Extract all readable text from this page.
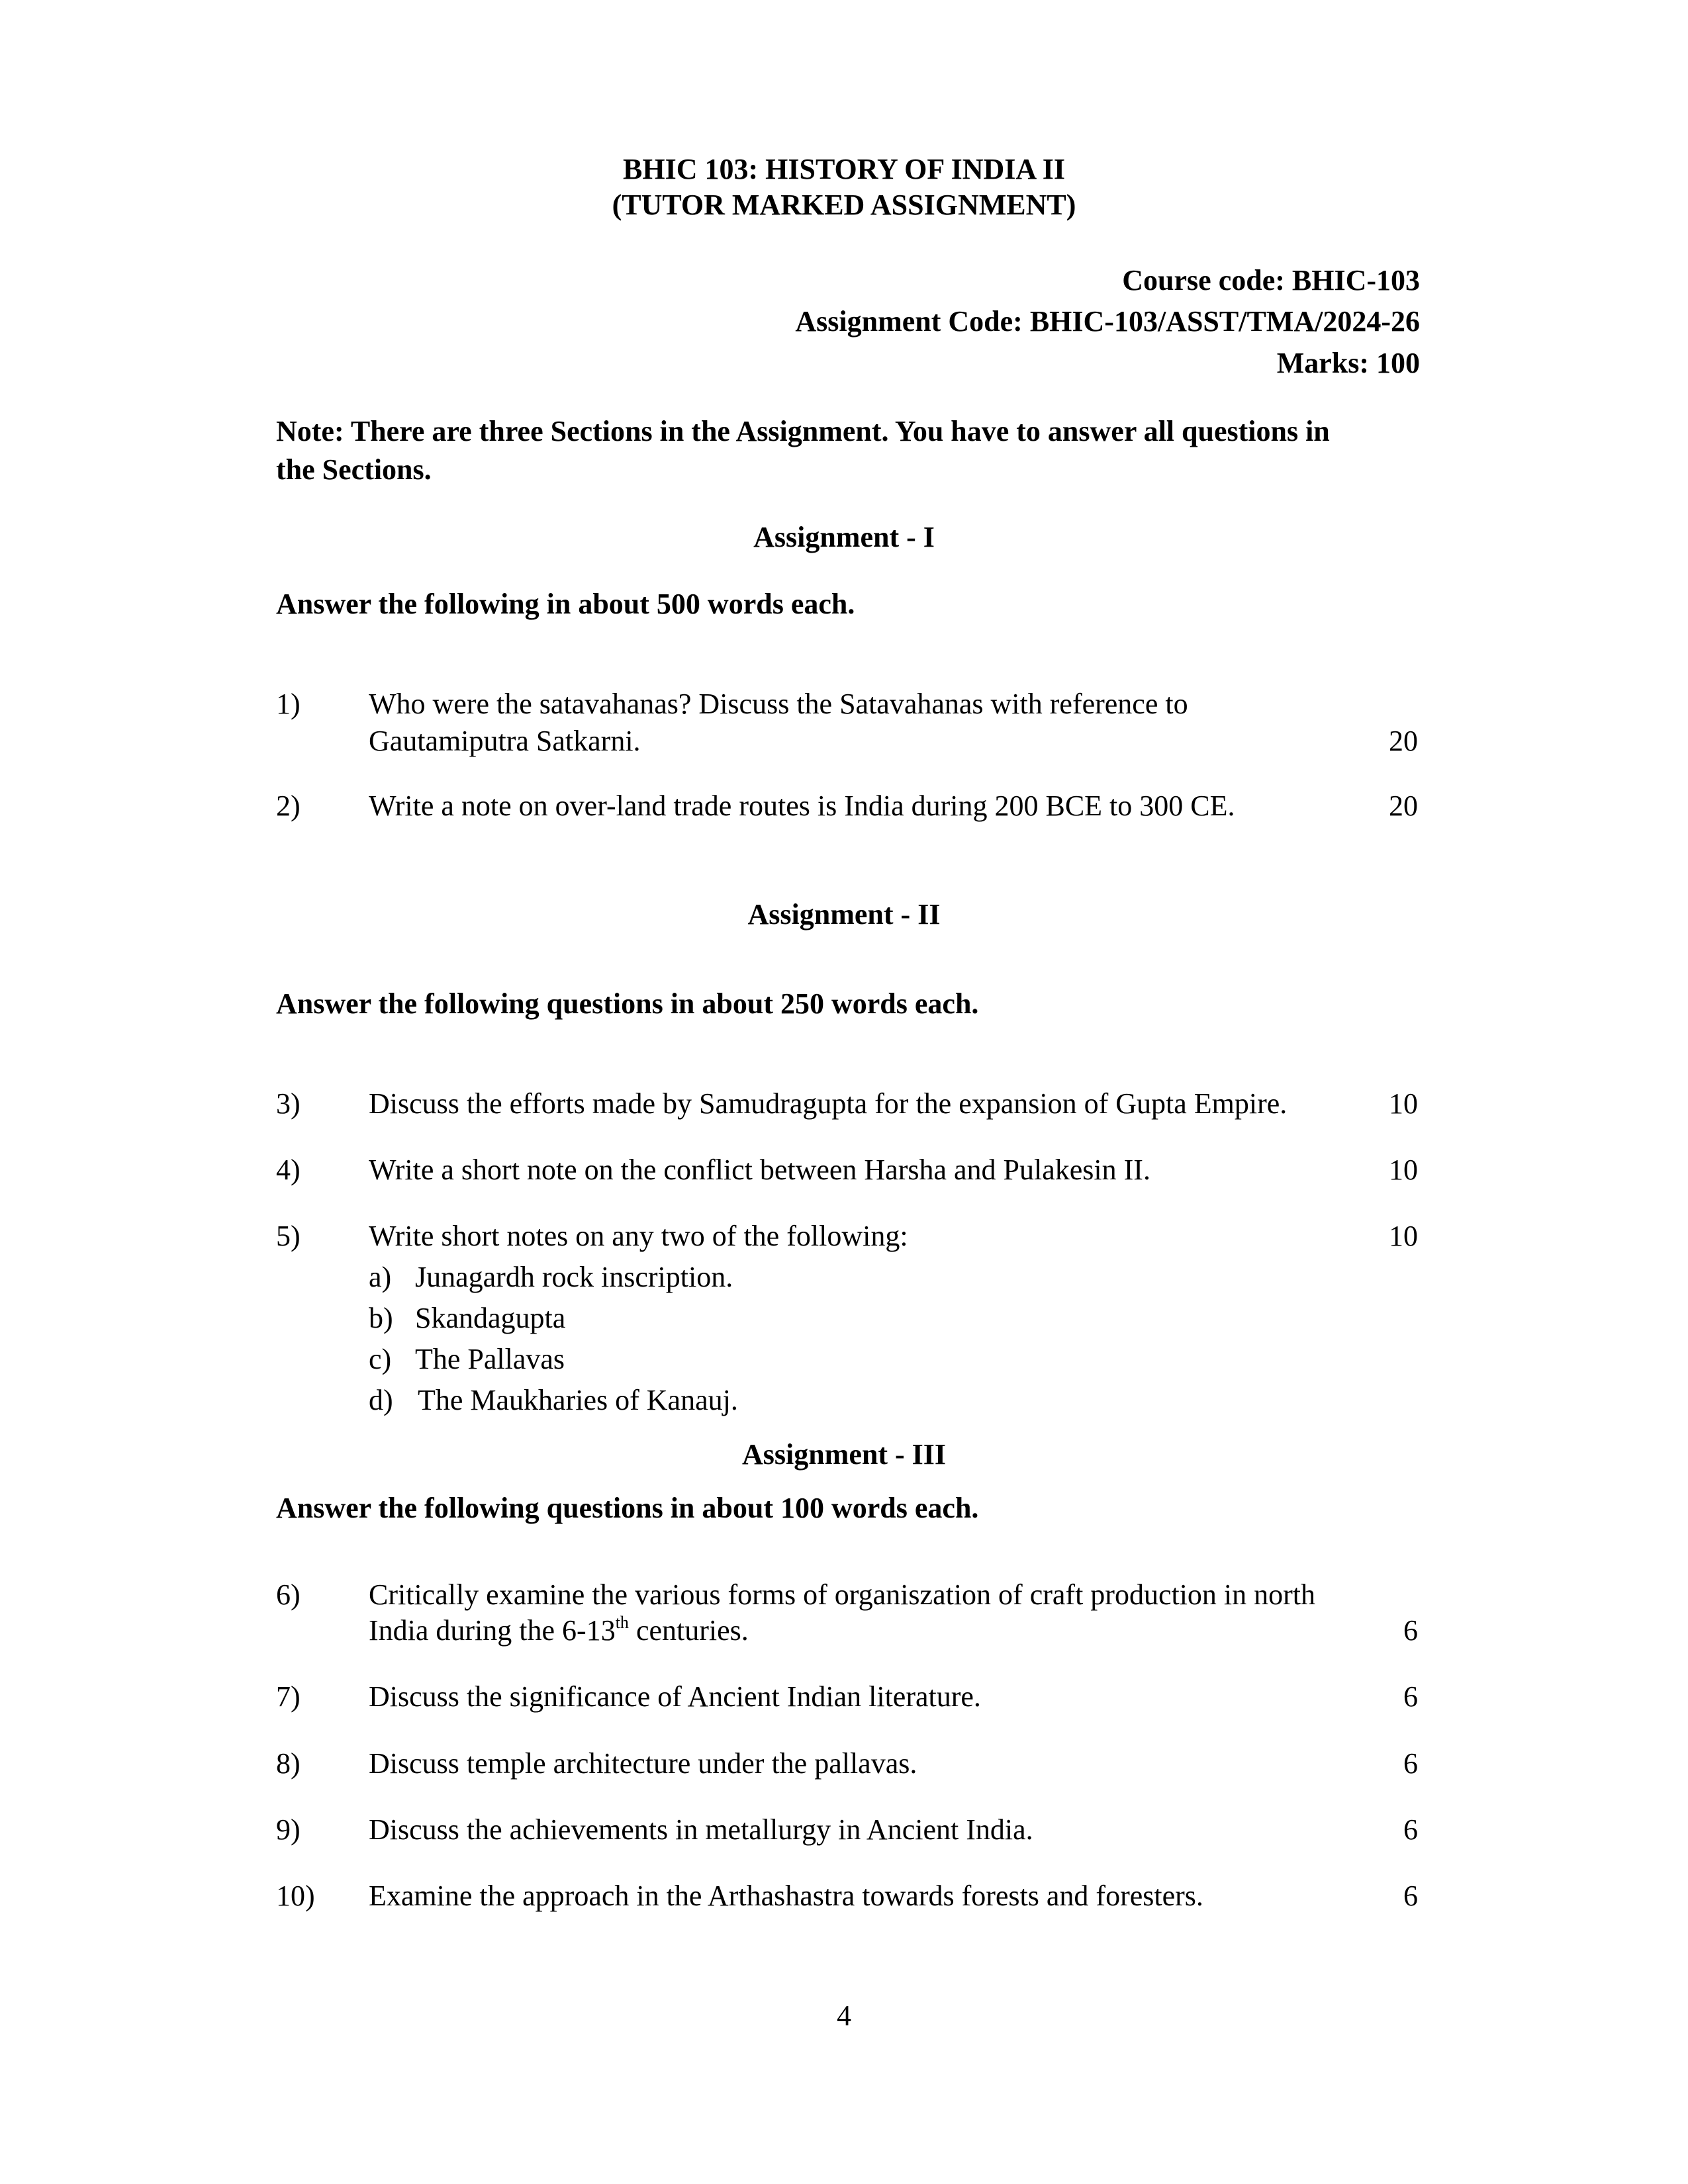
BHIC 103: HISTORY OF INDIA II
(TUTOR MARKED ASSIGNMENT)
Course code: BHIC-103
Assignment Code: BHIC-103/ASST/TMA/2024-26
Marks: 100
Note: There are three Sections in the Assignment. You have to answer all questions in
the Sections.
Assignment - I
Answer the following in about 500 words each.
1) Who were the satavahanas? Discuss the Satavahanas with reference to
Gautamiputra Satkarni.	20
2) Write a note on over-land trade routes is India during 200 BCE to 300 CE.	20
Assignment - II
Answer the following questions in about 250 words each.
3) Discuss the efforts made by Samudragupta for the expansion of Gupta Empire.	10
4) Write a short note on the conflict between Harsha and Pulakesin II.	10
5) Write short notes on any two of the following:	10
a) Junagardh rock inscription.
b) Skandagupta
c) The Pallavas
d) The Maukharies of Kanauj.
Assignment - III
Answer the following questions in about 100 words each.
6) Critically examine the various forms of organiszation of craft production in north
India during the 6-13th centuries.	6
7) Discuss the significance of Ancient Indian literature.	6
8) Discuss temple architecture under the pallavas.	6
9) Discuss the achievements in metallurgy in Ancient India.	6
10) Examine the approach in the Arthashastra towards forests and foresters.	6
4
